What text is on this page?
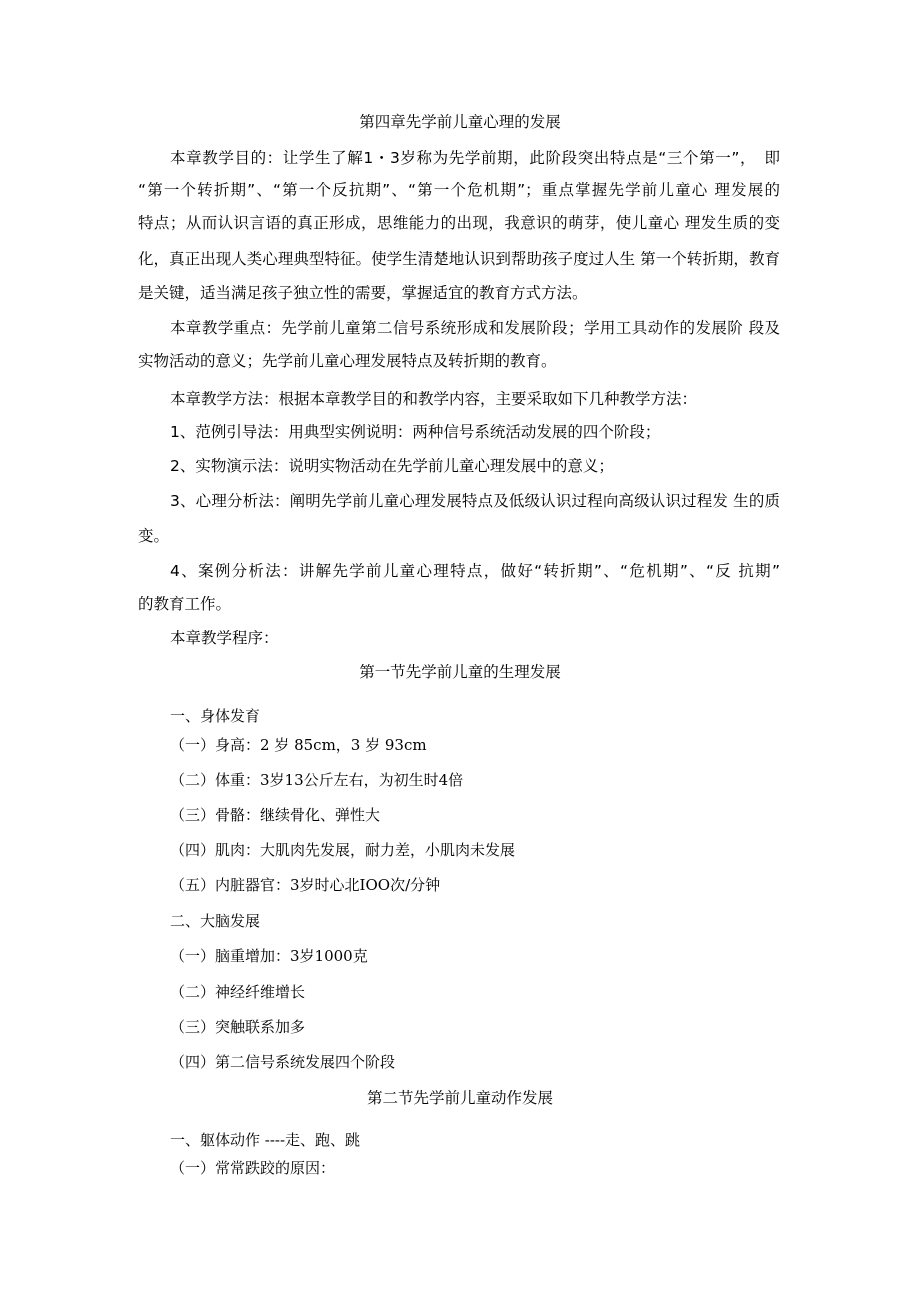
第四章先学前儿童心理的发展
本章教学目的：让学生了解1・3岁称为先学前期，此阶段突出特点是“三个第一”，　即
“第一个转折期”、“第一个反抗期”、“第一个危机期”；重点掌握先学前儿童心 理发展的
特点；从而认识言语的真正形成，思维能力的出现，我意识的萌芽，使儿童心 理发生质的变
化，真正出现人类心理典型特征。使学生清楚地认识到帮助孩子度过人生 第一个转折期，教育
是关键，适当满足孩子独立性的需要，掌握适宜的教育方式方法。
本章教学重点：先学前儿童第二信号系统形成和发展阶段；学用工具动作的发展阶 段及
实物活动的意义；先学前儿童心理发展特点及转折期的教育。
本章教学方法：根据本章教学目的和教学内容，主要采取如下几种教学方法：
1、范例引导法：用典型实例说明：两种信号系统活动发展的四个阶段；
2、实物演示法：说明实物活动在先学前儿童心理发展中的意义；
3、心理分析法：阐明先学前儿童心理发展特点及低级认识过程向高级认识过程发 生的质
变。
4、案例分析法：讲解先学前儿童心理特点，做好“转折期”、“危机期”、“反 抗期”
的教育工作。
本章教学程序：
第一节先学前儿童的生理发展
一、身体发育
（一）身高：2 岁 85cm，3 岁 93cm
（二）体重：3岁13公斤左右，为初生时4倍
（三）骨骼：继续骨化、弹性大
（四）肌肉：大肌肉先发展，耐力差，小肌肉未发展
（五）内脏器官：3岁时心北IOO次/分钟
二、大脑发展
（一）脑重增加：3岁1000克
（二）神经纤维增长
（三）突触联系加多
（四）第二信号系统发展四个阶段
第二节先学前儿童动作发展
一、躯体动作 ----走、跑、跳
（一）常常跌跤的原因：
